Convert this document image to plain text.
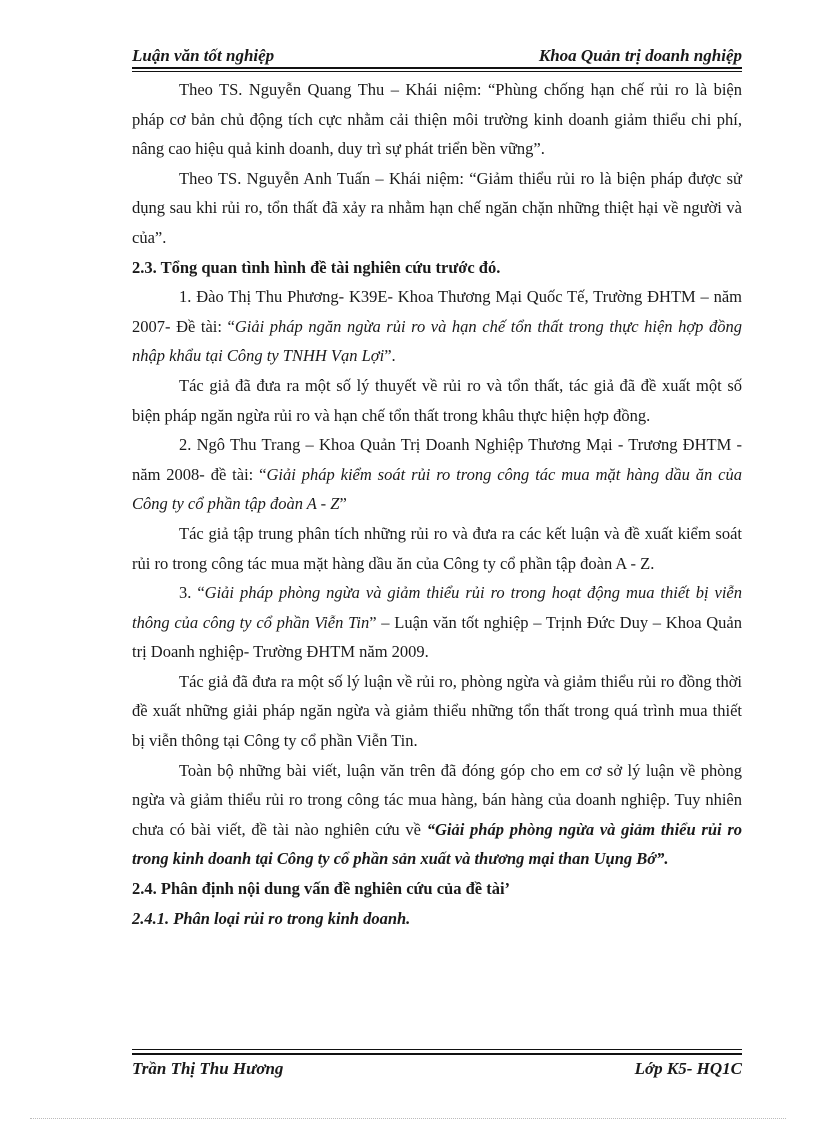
Luận văn tốt nghiệp	Khoa Quản trị doanh nghiệp

Theo TS. Nguyễn Quang Thu – Khái niệm: “Phùng chống hạn chế rủi ro là biện pháp cơ bản chủ động tích cực nhằm cải thiện môi trường kinh doanh giảm thiểu chi phí, nâng cao hiệu quả kinh doanh, duy trì sự phát triển bền vững”.

Theo TS. Nguyễn Anh Tuấn – Khái niệm: “Giảm thiểu rủi ro là biện pháp được sử dụng sau khi rủi ro, tổn thất đã xảy ra nhằm hạn chế ngăn chặn những thiệt hại về người và của”.

2.3. Tổng quan tình hình đề tài nghiên cứu trước đó.

1. Đào Thị Thu Phương- K39E- Khoa Thương Mại Quốc Tế, Trường ĐHTM – năm 2007- Đề tài: “Giải pháp ngăn ngừa rủi ro và hạn chế tổn thất trong thực hiện hợp đồng nhập khẩu tại Công ty TNHH Vạn Lợi”.

Tác giả đã đưa ra một số lý thuyết về rủi ro và tổn thất, tác giả đã đề xuất một số biện pháp ngăn ngừa rủi ro và hạn chế tổn thất trong khâu thực hiện hợp đồng.

2. Ngô Thu Trang – Khoa Quản Trị Doanh Nghiệp Thương Mại - Trương ĐHTM - năm 2008- đề tài: “Giải pháp kiểm soát rủi ro trong công tác mua mặt hàng dầu ăn của Công ty cổ phần tập đoàn A - Z”

Tác giả tập trung phân tích những rủi ro và đưa ra các kết luận và đề xuất kiểm soát rủi ro trong công tác mua mặt hàng dầu ăn của Công ty cổ phần tập đoàn A - Z.

3. “Giải pháp phòng ngừa và giảm thiểu rủi ro trong hoạt động mua thiết bị viễn thông của công ty cổ phần Viễn Tin” – Luận văn tốt nghiệp – Trịnh Đức Duy – Khoa Quản trị Doanh nghiệp- Trường ĐHTM năm 2009.

Tác giả đã đưa ra một số lý luận về rủi ro, phòng ngừa và giảm thiểu rủi ro đồng thời đề xuất những giải pháp ngăn ngừa và giảm thiểu những tổn thất trong quá trình mua thiết bị viễn thông tại Công ty cổ phần Viễn Tin.

Toàn bộ những bài viết, luận văn trên đã đóng góp cho em cơ sở lý luận về phòng ngừa và giảm thiểu rủi ro trong công tác mua hàng, bán hàng của doanh nghiệp. Tuy nhiên chưa có bài viết, đề tài nào nghiên cứu về “Giải pháp phòng ngừa và giảm thiểu rủi ro trong kinh doanh tại Công ty cổ phần sản xuất và thương mại than Uụng Bớ”.

2.4. Phân định nội dung vấn đề nghiên cứu của đề tài’

2.4.1. Phân loại rủi ro trong kinh doanh.

Trần Thị Thu Hương	Lớp K5- HQ1C
